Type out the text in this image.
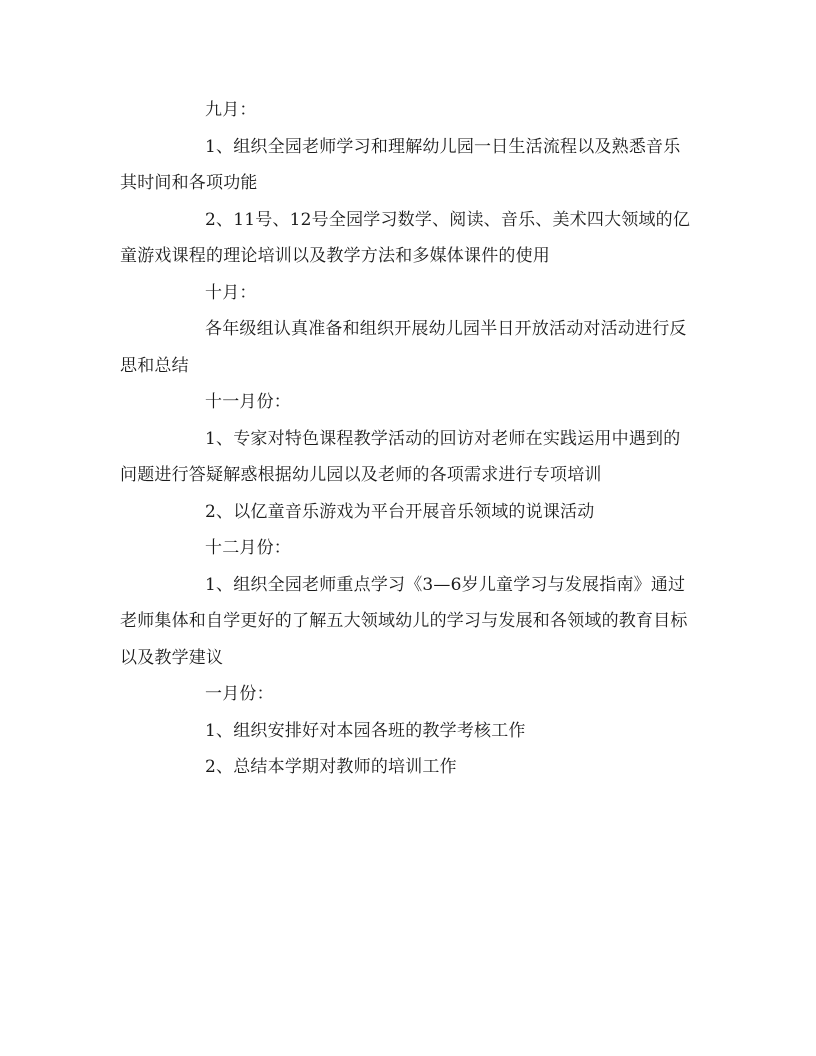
九月：

1、组织全园老师学习和理解幼儿园一日生活流程以及熟悉音乐其时间和各项功能

2、11号、12号全园学习数学、阅读、音乐、美术四大领域的亿童游戏课程的理论培训以及教学方法和多媒体课件的使用

十月：

各年级组认真准备和组织开展幼儿园半日开放活动对活动进行反思和总结

十一月份：

1、专家对特色课程教学活动的回访对老师在实践运用中遇到的问题进行答疑解惑根据幼儿园以及老师的各项需求进行专项培训

2、以亿童音乐游戏为平台开展音乐领域的说课活动

十二月份：

1、组织全园老师重点学习《3—6岁儿童学习与发展指南》通过老师集体和自学更好的了解五大领域幼儿的学习与发展和各领域的教育目标以及教学建议

一月份：

1、组织安排好对本园各班的教学考核工作

2、总结本学期对教师的培训工作
